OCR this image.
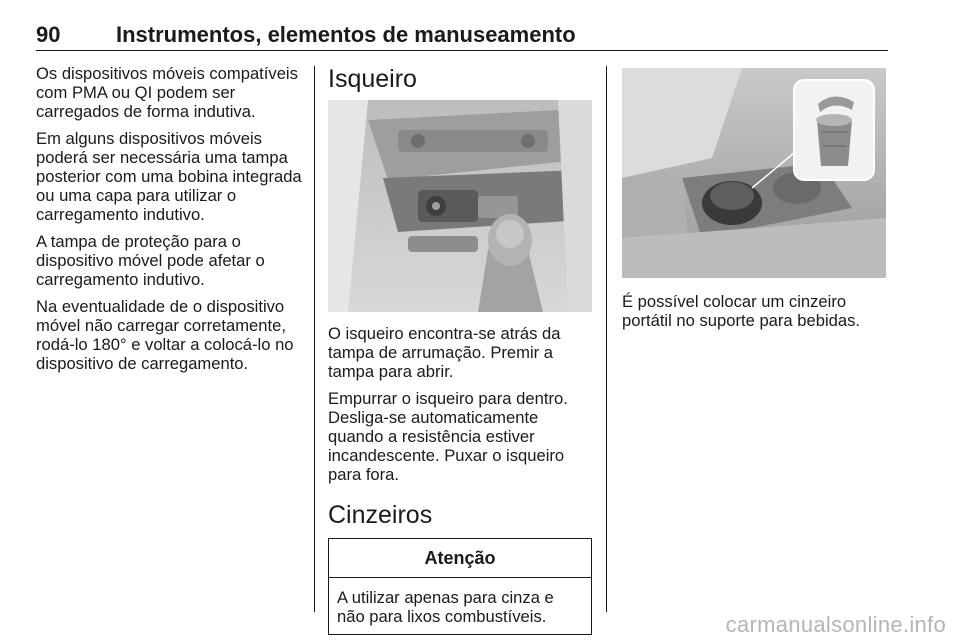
90	Instrumentos, elementos de manuseamento

Os dispositivos móveis compatíveis com PMA ou QI podem ser carregados de forma indutiva.

Em alguns dispositivos móveis poderá ser necessária uma tampa posterior com uma bobina integrada ou uma capa para utilizar o carregamento indutivo.

A tampa de proteção para o dispositivo móvel pode afetar o carregamento indutivo.

Na eventualidade de o dispositivo móvel não carregar corretamente, rodá-lo 180° e voltar a colocá-lo no dispositivo de carregamento.

Isqueiro

O isqueiro encontra-se atrás da tampa de arrumação. Premir a tampa para abrir.

Empurrar o isqueiro para dentro. Desliga-se automaticamente quando a resistência estiver incandescente. Puxar o isqueiro para fora.

Cinzeiros
Atenção

A utilizar apenas para cinza e não para lixos combustíveis.

É possível colocar um cinzeiro portátil no suporte para bebidas.

carmanualsonline.info
